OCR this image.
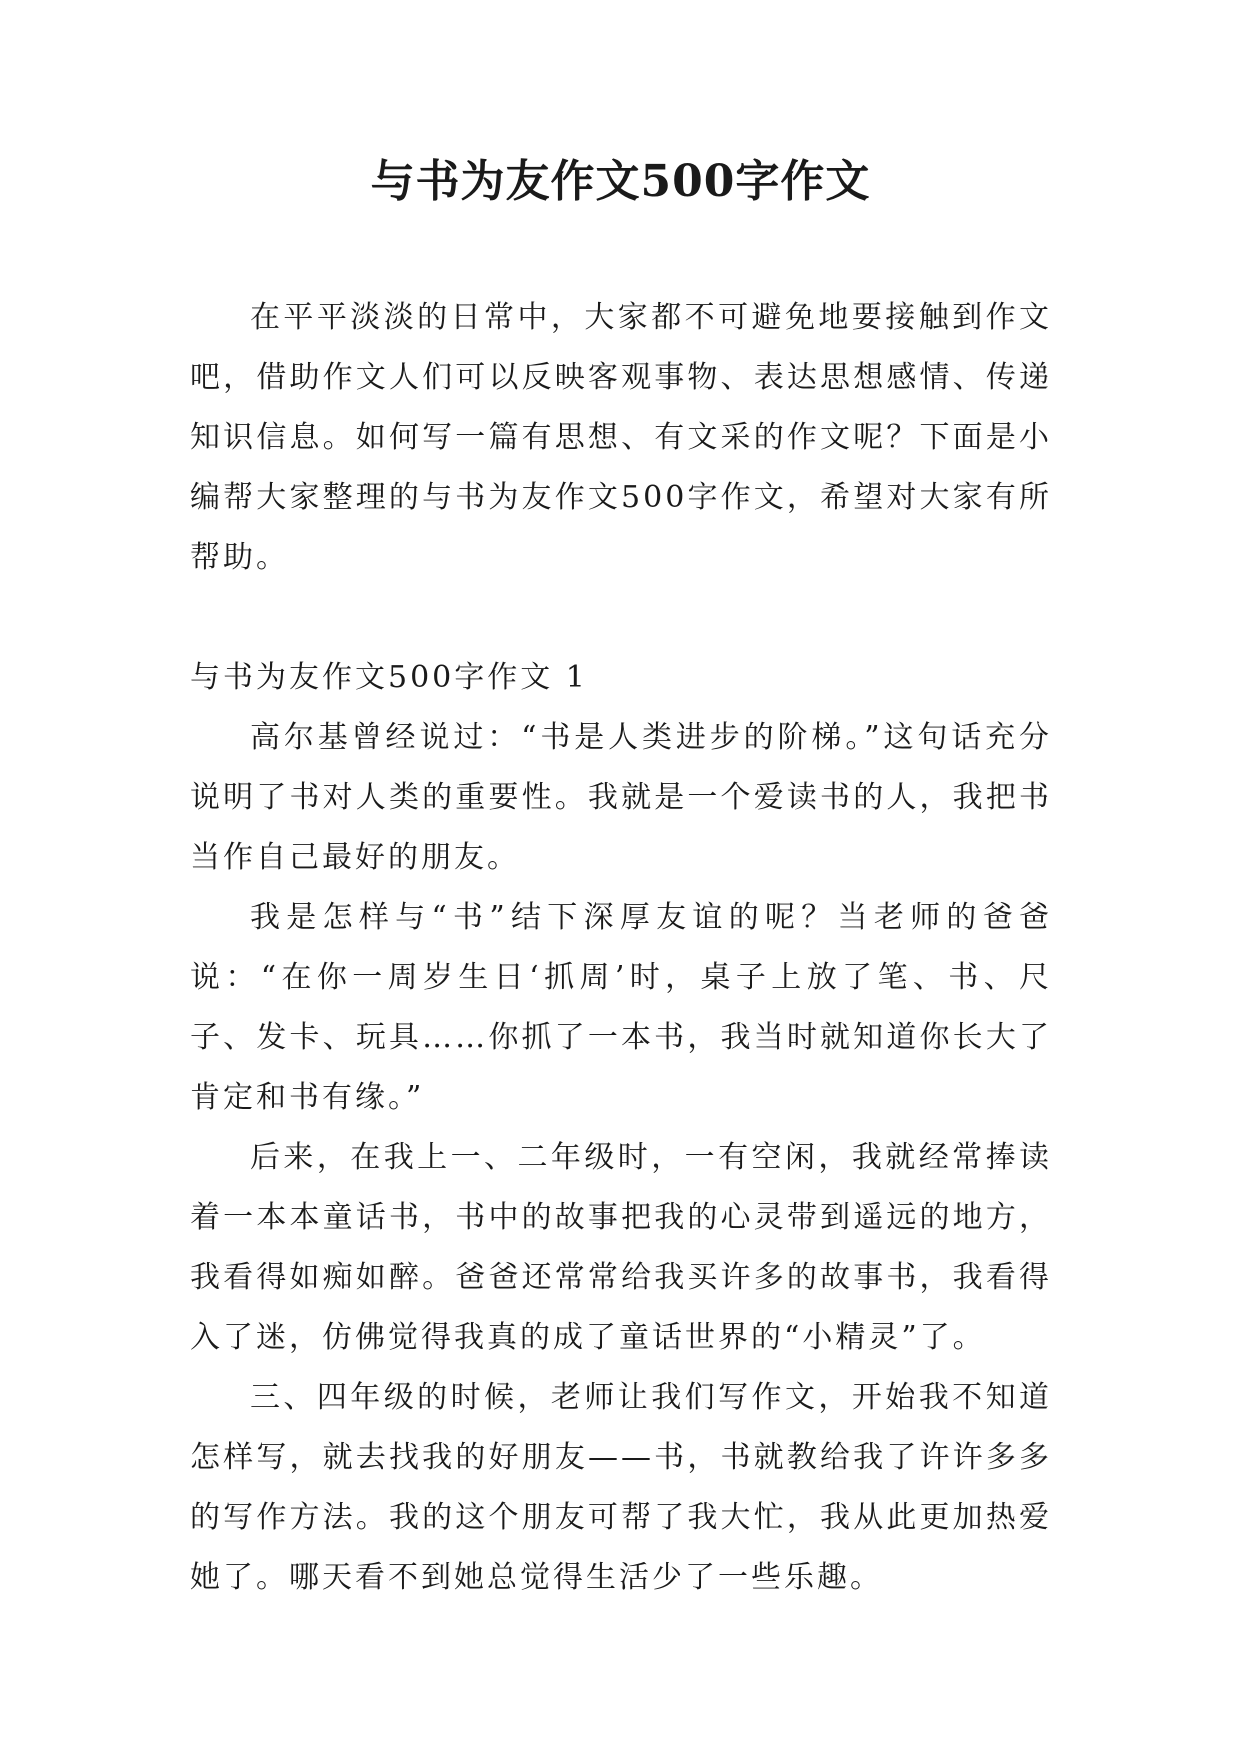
与书为友作文500字作文

在平平淡淡的日常中，大家都不可避免地要接触到作文吧，借助作文人们可以反映客观事物、表达思想感情、传递知识信息。如何写一篇有思想、有文采的作文呢？下面是小编帮大家整理的与书为友作文500字作文，希望对大家有所帮助。

与书为友作文500字作文 1

高尔基曾经说过：“书是人类进步的阶梯。”这句话充分说明了书对人类的重要性。我就是一个爱读书的人，我把书当作自己最好的朋友。

我是怎样与“书”结下深厚友谊的呢？当老师的爸爸说：“在你一周岁生日‘抓周’时，桌子上放了笔、书、尺子、发卡、玩具……你抓了一本书，我当时就知道你长大了肯定和书有缘。”

后来，在我上一、二年级时，一有空闲，我就经常捧读着一本本童话书，书中的故事把我的心灵带到遥远的地方，我看得如痴如醉。爸爸还常常给我买许多的故事书，我看得入了迷，仿佛觉得我真的成了童话世界的“小精灵”了。

三、四年级的时候，老师让我们写作文，开始我不知道怎样写，就去找我的好朋友——书，书就教给我了许许多多的写作方法。我的这个朋友可帮了我大忙，我从此更加热爱她了。哪天看不到她总觉得生活少了一些乐趣。
